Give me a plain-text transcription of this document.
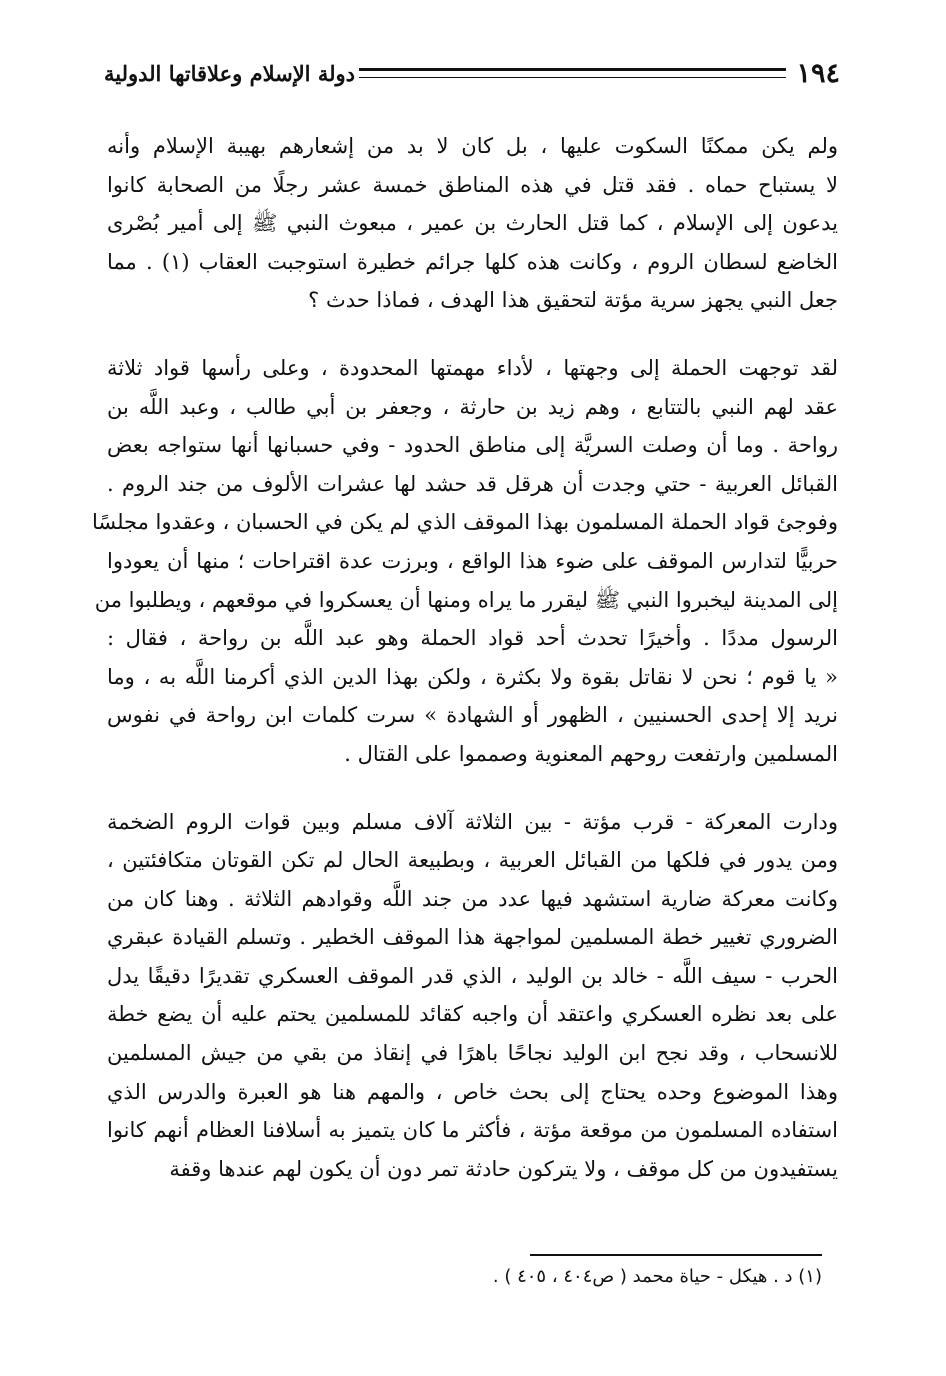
١٩٤
دولة الإسلام وعلاقاتها الدولية
ولم يكن ممكنًا السكوت عليها ، بل كان لا بد من إشعارهم بهيبة الإسلام وأنه
لا يستباح حماه . فقد قتل في هذه المناطق خمسة عشر رجلًا من الصحابة كانوا
يدعون إلى الإسلام ، كما قتل الحارث بن عمير ، مبعوث النبي ﷺ إلى أمير بُصْرى
الخاضع لسطان الروم ، وكانت هذه كلها جرائم خطيرة استوجبت العقاب (١) . مما
جعل النبي يجهز سرية مؤتة لتحقيق هذا الهدف ، فماذا حدث ؟
لقد توجهت الحملة إلى وجهتها ، لأداء مهمتها المحدودة ، وعلى رأسها قواد ثلاثة
عقد لهم النبي بالتتابع ، وهم زيد بن حارثة ، وجعفر بن أبي طالب ، وعبد اللَّه بن
رواحة . وما أن وصلت السريَّة إلى مناطق الحدود - وفي حسبانها أنها ستواجه بعض
القبائل العربية - حتي وجدت أن هرقل قد حشد لها عشرات الألوف من جند الروم .
وفوجئ قواد الحملة المسلمون بهذا الموقف الذي لم يكن في الحسبان ، وعقدوا مجلسًا
حربيًّا لتدارس الموقف على ضوء هذا الواقع ، وبرزت عدة اقتراحات ؛ منها أن يعودوا
إلى المدينة ليخبروا النبي ﷺ ليقرر ما يراه ومنها أن يعسكروا في موقعهم ، ويطلبوا من
الرسول مددًا . وأخيرًا تحدث أحد قواد الحملة وهو عبد اللَّه بن رواحة ، فقال :
« يا قوم ؛ نحن لا نقاتل بقوة ولا بكثرة ، ولكن بهذا الدين الذي أكرمنا اللَّه به ، وما
نريد إلا إحدى الحسنيين ، الظهور أو الشهادة » سرت كلمات ابن رواحة في نفوس
المسلمين وارتفعت روحهم المعنوية وصمموا على القتال .
ودارت المعركة - قرب مؤتة - بين الثلاثة آلاف مسلم وبين قوات الروم الضخمة
ومن يدور في فلكها من القبائل العربية ، وبطبيعة الحال لم تكن القوتان متكافئتين ،
وكانت معركة ضارية استشهد فيها عدد من جند اللَّه وقوادهم الثلاثة . وهنا كان من
الضروري تغيير خطة المسلمين لمواجهة هذا الموقف الخطير . وتسلم القيادة عبقري
الحرب - سيف اللَّه - خالد بن الوليد ، الذي قدر الموقف العسكري تقديرًا دقيقًا يدل
على بعد نظره العسكري واعتقد أن واجبه كقائد للمسلمين يحتم عليه أن يضع خطة
للانسحاب ، وقد نجح ابن الوليد نجاحًا باهرًا في إنقاذ من بقي من جيش المسلمين
وهذا الموضوع وحده يحتاج إلى بحث خاص ، والمهم هنا هو العبرة والدرس الذي
استفاده المسلمون من موقعة مؤتة ، فأكثر ما كان يتميز به أسلافنا العظام أنهم كانوا
يستفيدون من كل موقف ، ولا يتركون حادثة تمر دون أن يكون لهم عندها وقفة
(١) د . هيكل - حياة محمد ( ص٤٠٤ ، ٤٠٥ ) .
